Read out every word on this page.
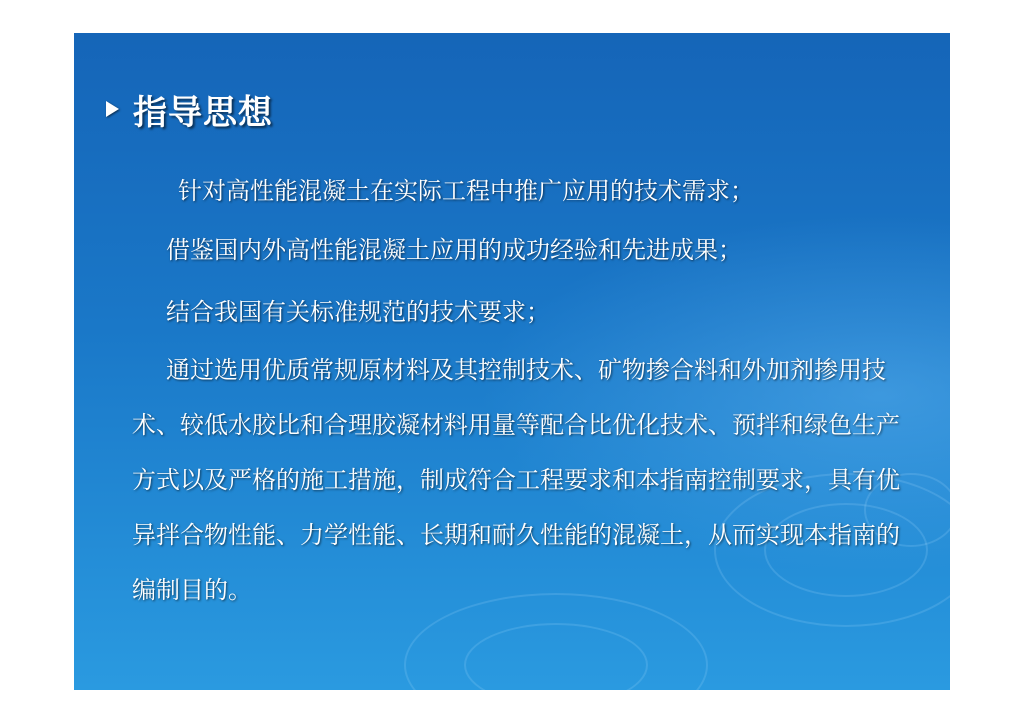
指导思想

针对高性能混凝土在实际工程中推广应用的技术需求；

借鉴国内外高性能混凝土应用的成功经验和先进成果；

结合我国有关标准规范的技术要求；

通过选用优质常规原材料及其控制技术、矿物掺合料和外加剂掺用技术、较低水胶比和合理胶凝材料用量等配合比优化技术、预拌和绿色生产方式以及严格的施工措施，制成符合工程要求和本指南控制要求，具有优异拌合物性能、力学性能、长期和耐久性能的混凝土，从而实现本指南的编制目的。
